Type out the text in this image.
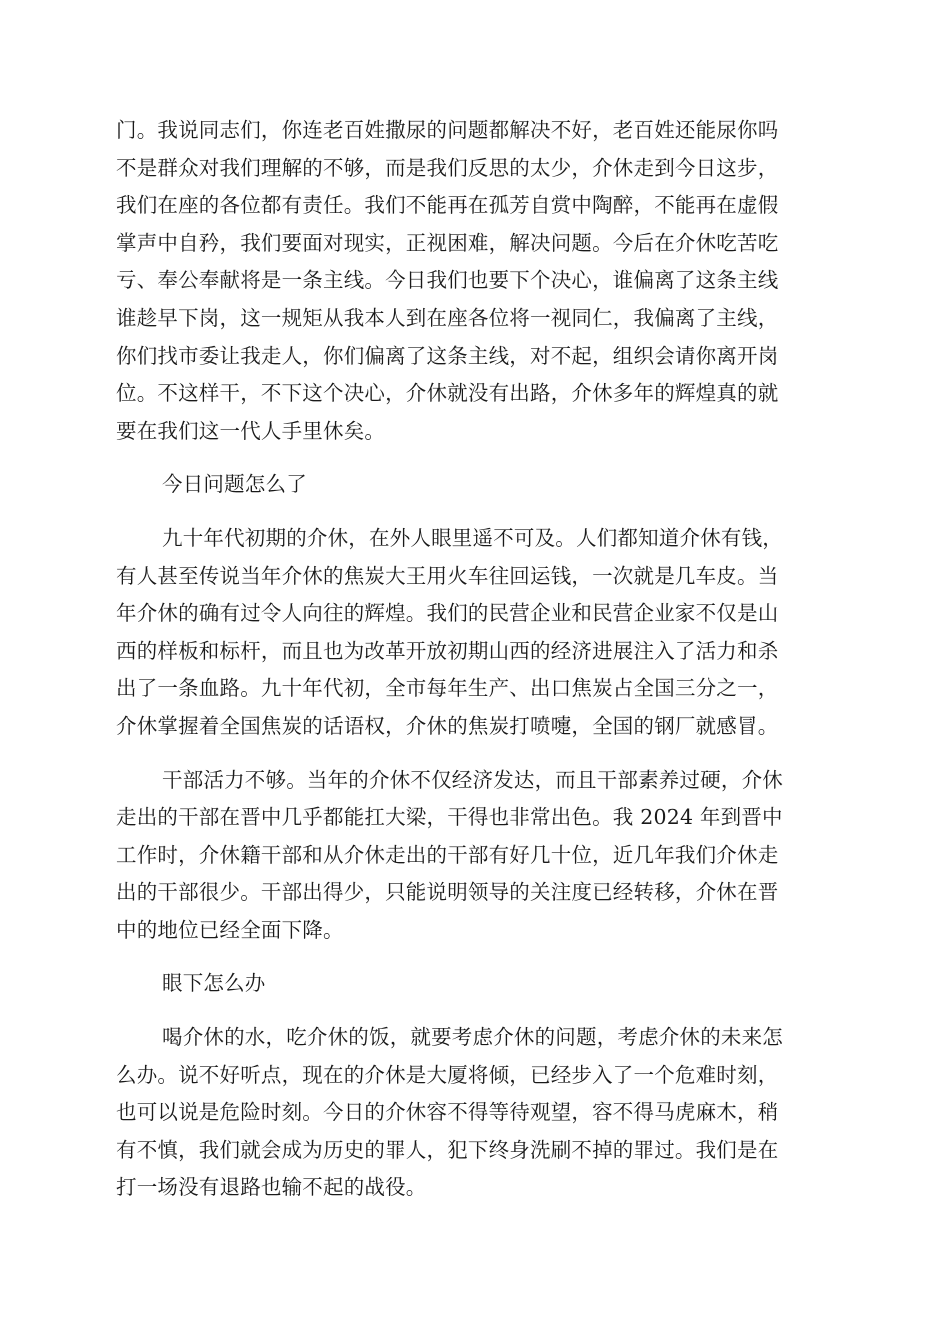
门。我说同志们，你连老百姓撒尿的问题都解决不好，老百姓还能尿你吗
不是群众对我们理解的不够，而是我们反思的太少，介休走到今日这步，
我们在座的各位都有责任。我们不能再在孤芳自赏中陶醉，不能再在虚假
掌声中自矜，我们要面对现实，正视困难，解决问题。今后在介休吃苦吃
亏、奉公奉献将是一条主线。今日我们也要下个决心，谁偏离了这条主线
谁趁早下岗，这一规矩从我本人到在座各位将一视同仁，我偏离了主线，
你们找市委让我走人，你们偏离了这条主线，对不起，组织会请你离开岗
位。不这样干，不下这个决心，介休就没有出路，介休多年的辉煌真的就
要在我们这一代人手里休矣。
今日问题怎么了
九十年代初期的介休，在外人眼里遥不可及。人们都知道介休有钱，
有人甚至传说当年介休的焦炭大王用火车往回运钱，一次就是几车皮。当
年介休的确有过令人向往的辉煌。我们的民营企业和民营企业家不仅是山
西的样板和标杆，而且也为改革开放初期山西的经济进展注入了活力和杀
出了一条血路。九十年代初，全市每年生产、出口焦炭占全国三分之一，
介休掌握着全国焦炭的话语权，介休的焦炭打喷嚏，全国的钢厂就感冒。
干部活力不够。当年的介休不仅经济发达，而且干部素养过硬，介休
走出的干部在晋中几乎都能扛大梁，干得也非常出色。我 2024 年到晋中
工作时，介休籍干部和从介休走出的干部有好几十位，近几年我们介休走
出的干部很少。干部出得少，只能说明领导的关注度已经转移，介休在晋
中的地位已经全面下降。
眼下怎么办
喝介休的水，吃介休的饭，就要考虑介休的问题，考虑介休的未来怎
么办。说不好听点，现在的介休是大厦将倾，已经步入了一个危难时刻，
也可以说是危险时刻。今日的介休容不得等待观望，容不得马虎麻木，稍
有不慎，我们就会成为历史的罪人，犯下终身洗刷不掉的罪过。我们是在
打一场没有退路也输不起的战役。
